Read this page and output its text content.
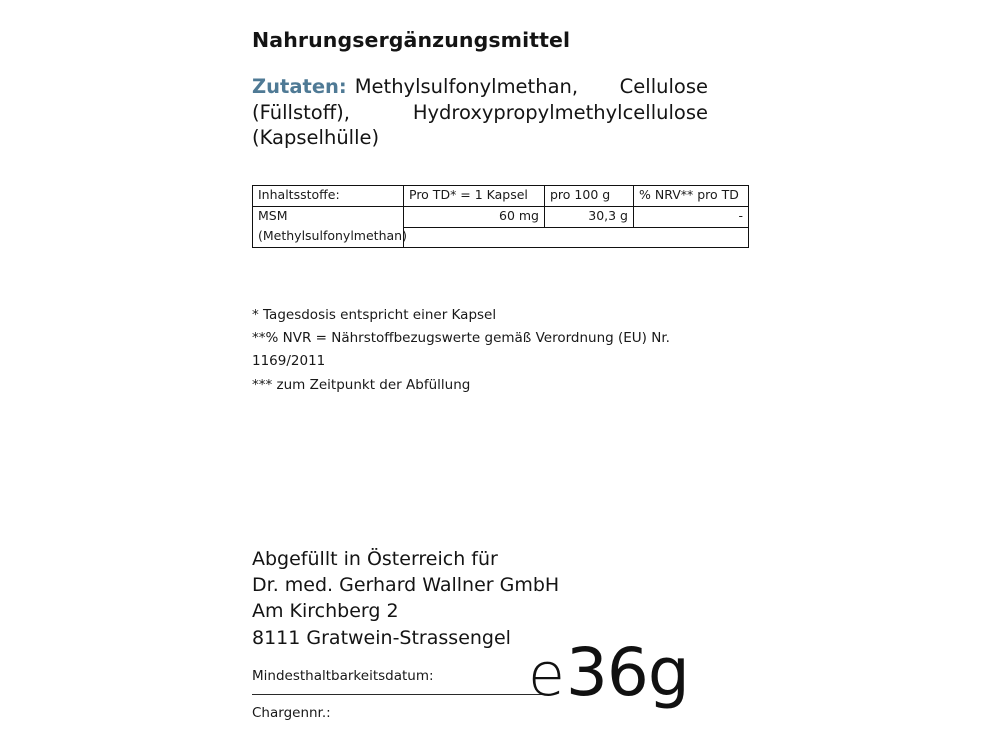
Nahrungsergänzungsmittel

Zutaten: Methylsulfonylmethan, Cellulose (Füllstoff), Hydroxypropylmethylcellulose (Kapselhülle)

Inhaltsstoffe:	Pro TD* = 1 Kapsel	pro 100 g	% NRV** pro TD
MSM	60 mg	30,3 g	-
(Methylsulfonylmethan)			
* Tagesdosis entspricht einer Kapsel
**% NVR = Nährstoffbezugswerte gemäß Verordnung (EU) Nr. 1169/2011
*** zum Zeitpunkt der Abfüllung
Abgefüllt in Österreich für
Dr. med. Gerhard Wallner GmbH
Am Kirchberg 2
8111 Gratwein-Strassengel
Mindesthaltbarkeitsdatum:
Chargennr.:
e36g
